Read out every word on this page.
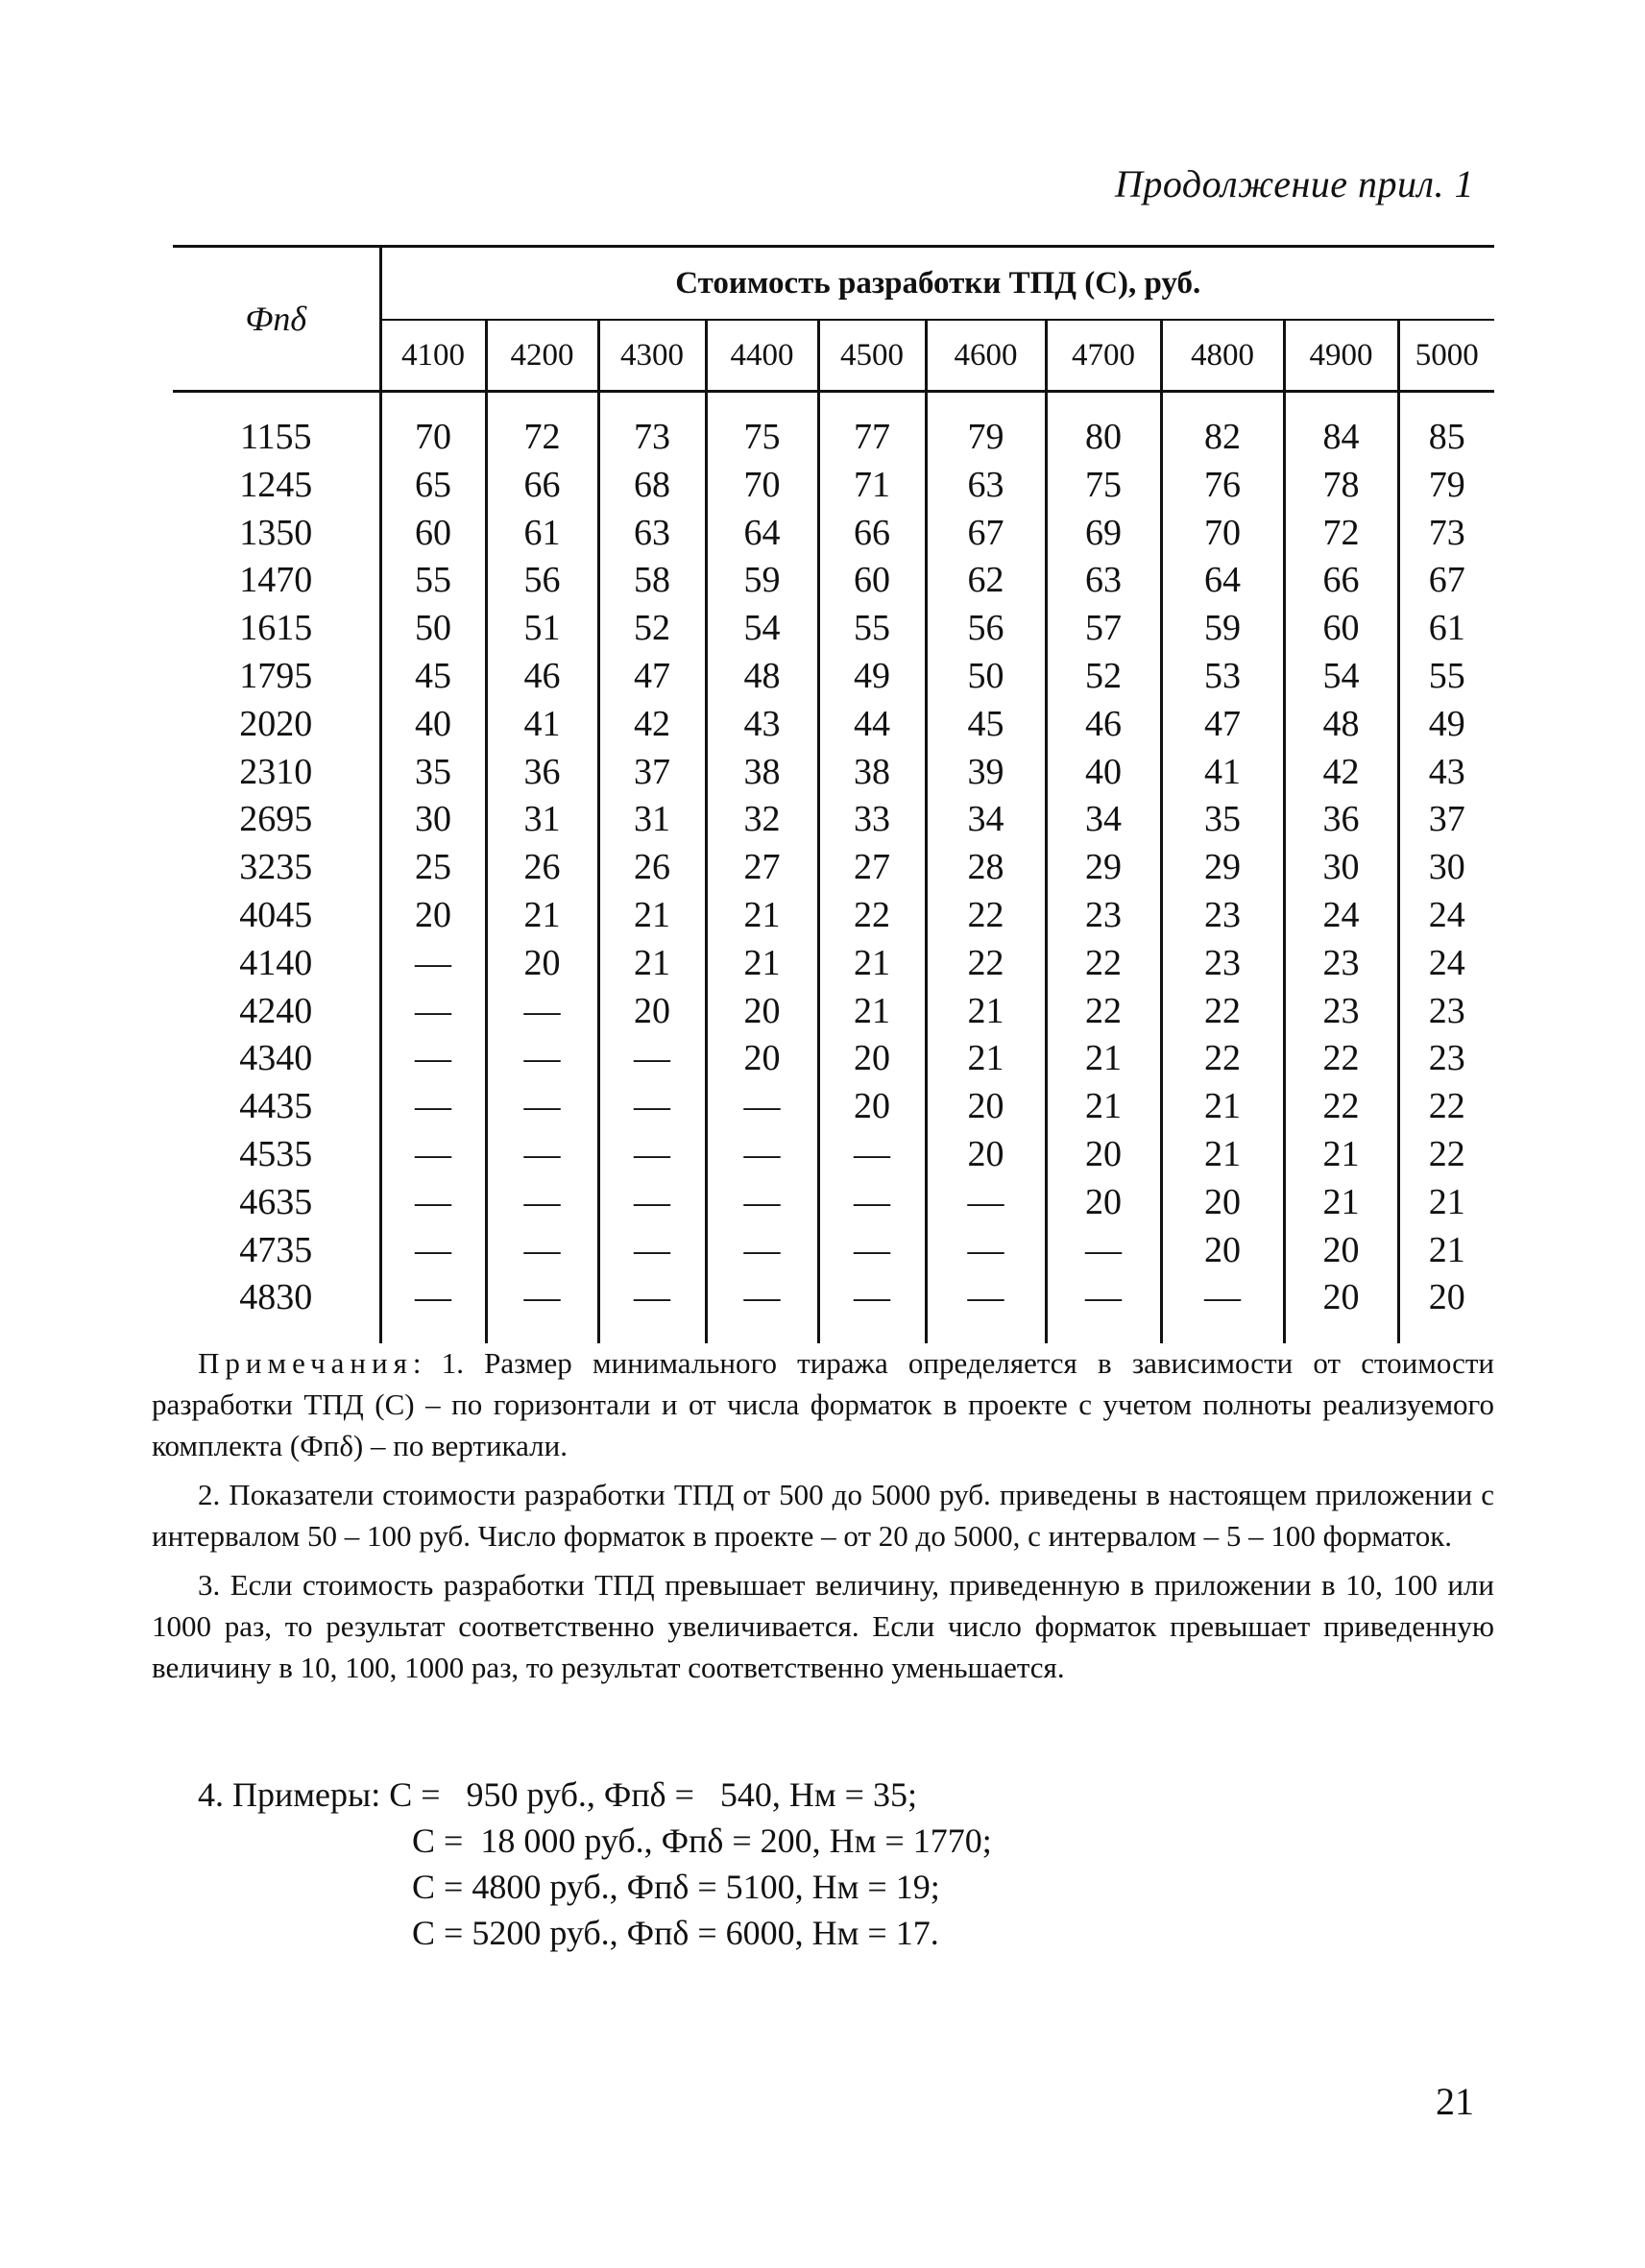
Продолжение прил. 1
Фпδ	Стоимость разработки ТПД (С), руб.									
	4100	4200	4300	4400	4500	4600	4700	4800	4900	5000

1155	70	72	73	75	77	79	80	82	84	85
1245	65	66	68	70	71	63	75	76	78	79
1350	60	61	63	64	66	67	69	70	72	73
1470	55	56	58	59	60	62	63	64	66	67
1615	50	51	52	54	55	56	57	59	60	61
1795	45	46	47	48	49	50	52	53	54	55
2020	40	41	42	43	44	45	46	47	48	49
2310	35	36	37	38	38	39	40	41	42	43
2695	30	31	31	32	33	34	34	35	36	37
3235	25	26	26	27	27	28	29	29	30	30
4045	20	21	21	21	22	22	23	23	24	24
4140	—	20	21	21	21	22	22	23	23	24
4240	—	—	20	20	21	21	22	22	23	23
4340	—	—	—	20	20	21	21	22	22	23
4435	—	—	—	—	20	20	21	21	22	22
4535	—	—	—	—	—	20	20	21	21	22
4635	—	—	—	—	—	—	20	20	21	21
4735	—	—	—	—	—	—	—	20	20	21
4830	—	—	—	—	—	—	—	—	20	20

Примечания: 1. Размер минимального тиража определяется в зависимости от стоимости разработки ТПД (С) – по горизонтали и от числа форматок в проекте с учетом полноты реализуемого комплекта (Фпδ) – по вертикали.

2. Показатели стоимости разработки ТПД от 500 до 5000 руб. приведены в настоящем приложении с интервалом 50 – 100 руб. Число форматок в проекте – от 20 до 5000, с интервалом – 5 – 100 форматок.

3. Если стоимость разработки ТПД превышает величину, приведенную в приложении в 10, 100 или 1000 раз, то результат соответственно увеличивается. Если число форматок превышает приведенную величину в 10, 100, 1000 раз, то результат соответственно уменьшается.

4. Примеры: С =   950 руб., Фпδ =   540, Нм = 35;
С =  18 000 руб., Фпδ = 200, Нм = 1770;
С = 4800 руб., Фпδ = 5100, Нм = 19;
С = 5200 руб., Фпδ = 6000, Нм = 17.
21
